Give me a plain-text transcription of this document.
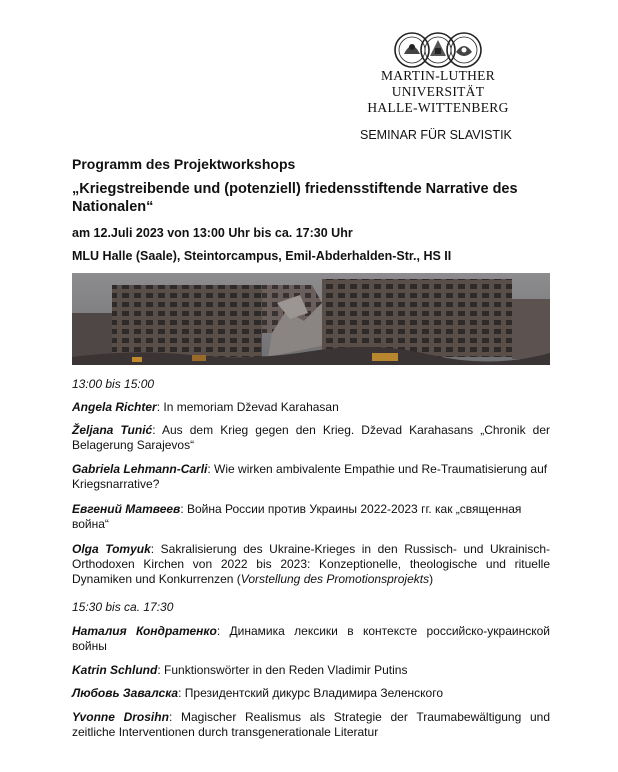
MARTIN-LUTHER
UNIVERSITÄT
HALLE-WITTENBERG
SEMINAR FÜR SLAVISTIK
Programm des Projektworkshops
„Kriegstreibende und (potenziell) friedensstiftende Narrative des Nationalen“
am 12.Juli 2023 von 13:00 Uhr bis ca. 17:30 Uhr
MLU Halle (Saale), Steintorcampus, Emil-Abderhalden-Str., HS II
13:00 bis 15:00
Angela Richter: In memoriam Dževad Karahasan
Željana Tunić: Aus dem Krieg gegen den Krieg. Dževad Karahasans „Chronik der Belagerung Sarajevos“
Gabriela Lehmann-Carli: Wie wirken ambivalente Empathie und Re-Traumatisierung auf Kriegsnarrative?
Евгений Матвеев: Война России против Украины 2022-2023 гг. как „священная война“
Olga Tomyuk: Sakralisierung des Ukraine-Krieges in den Russisch- und Ukrainisch-Orthodoxen Kirchen von 2022 bis 2023: Konzeptionelle, theologische und rituelle Dynamiken und Konkurrenzen (Vorstellung des Promotionsprojekts)
15:30 bis ca. 17:30
Наталия Кондратенко: Динамика лексики в контексте российско-украинской войны
Katrin Schlund: Funktionswörter in den Reden Vladimir Putins
Любовь Завалска: Президентский дикурс Владимира Зеленского
Yvonne Drosihn: Magischer Realismus als Strategie der Traumabewältigung und zeitliche Interventionen durch transgenerationale Literatur
